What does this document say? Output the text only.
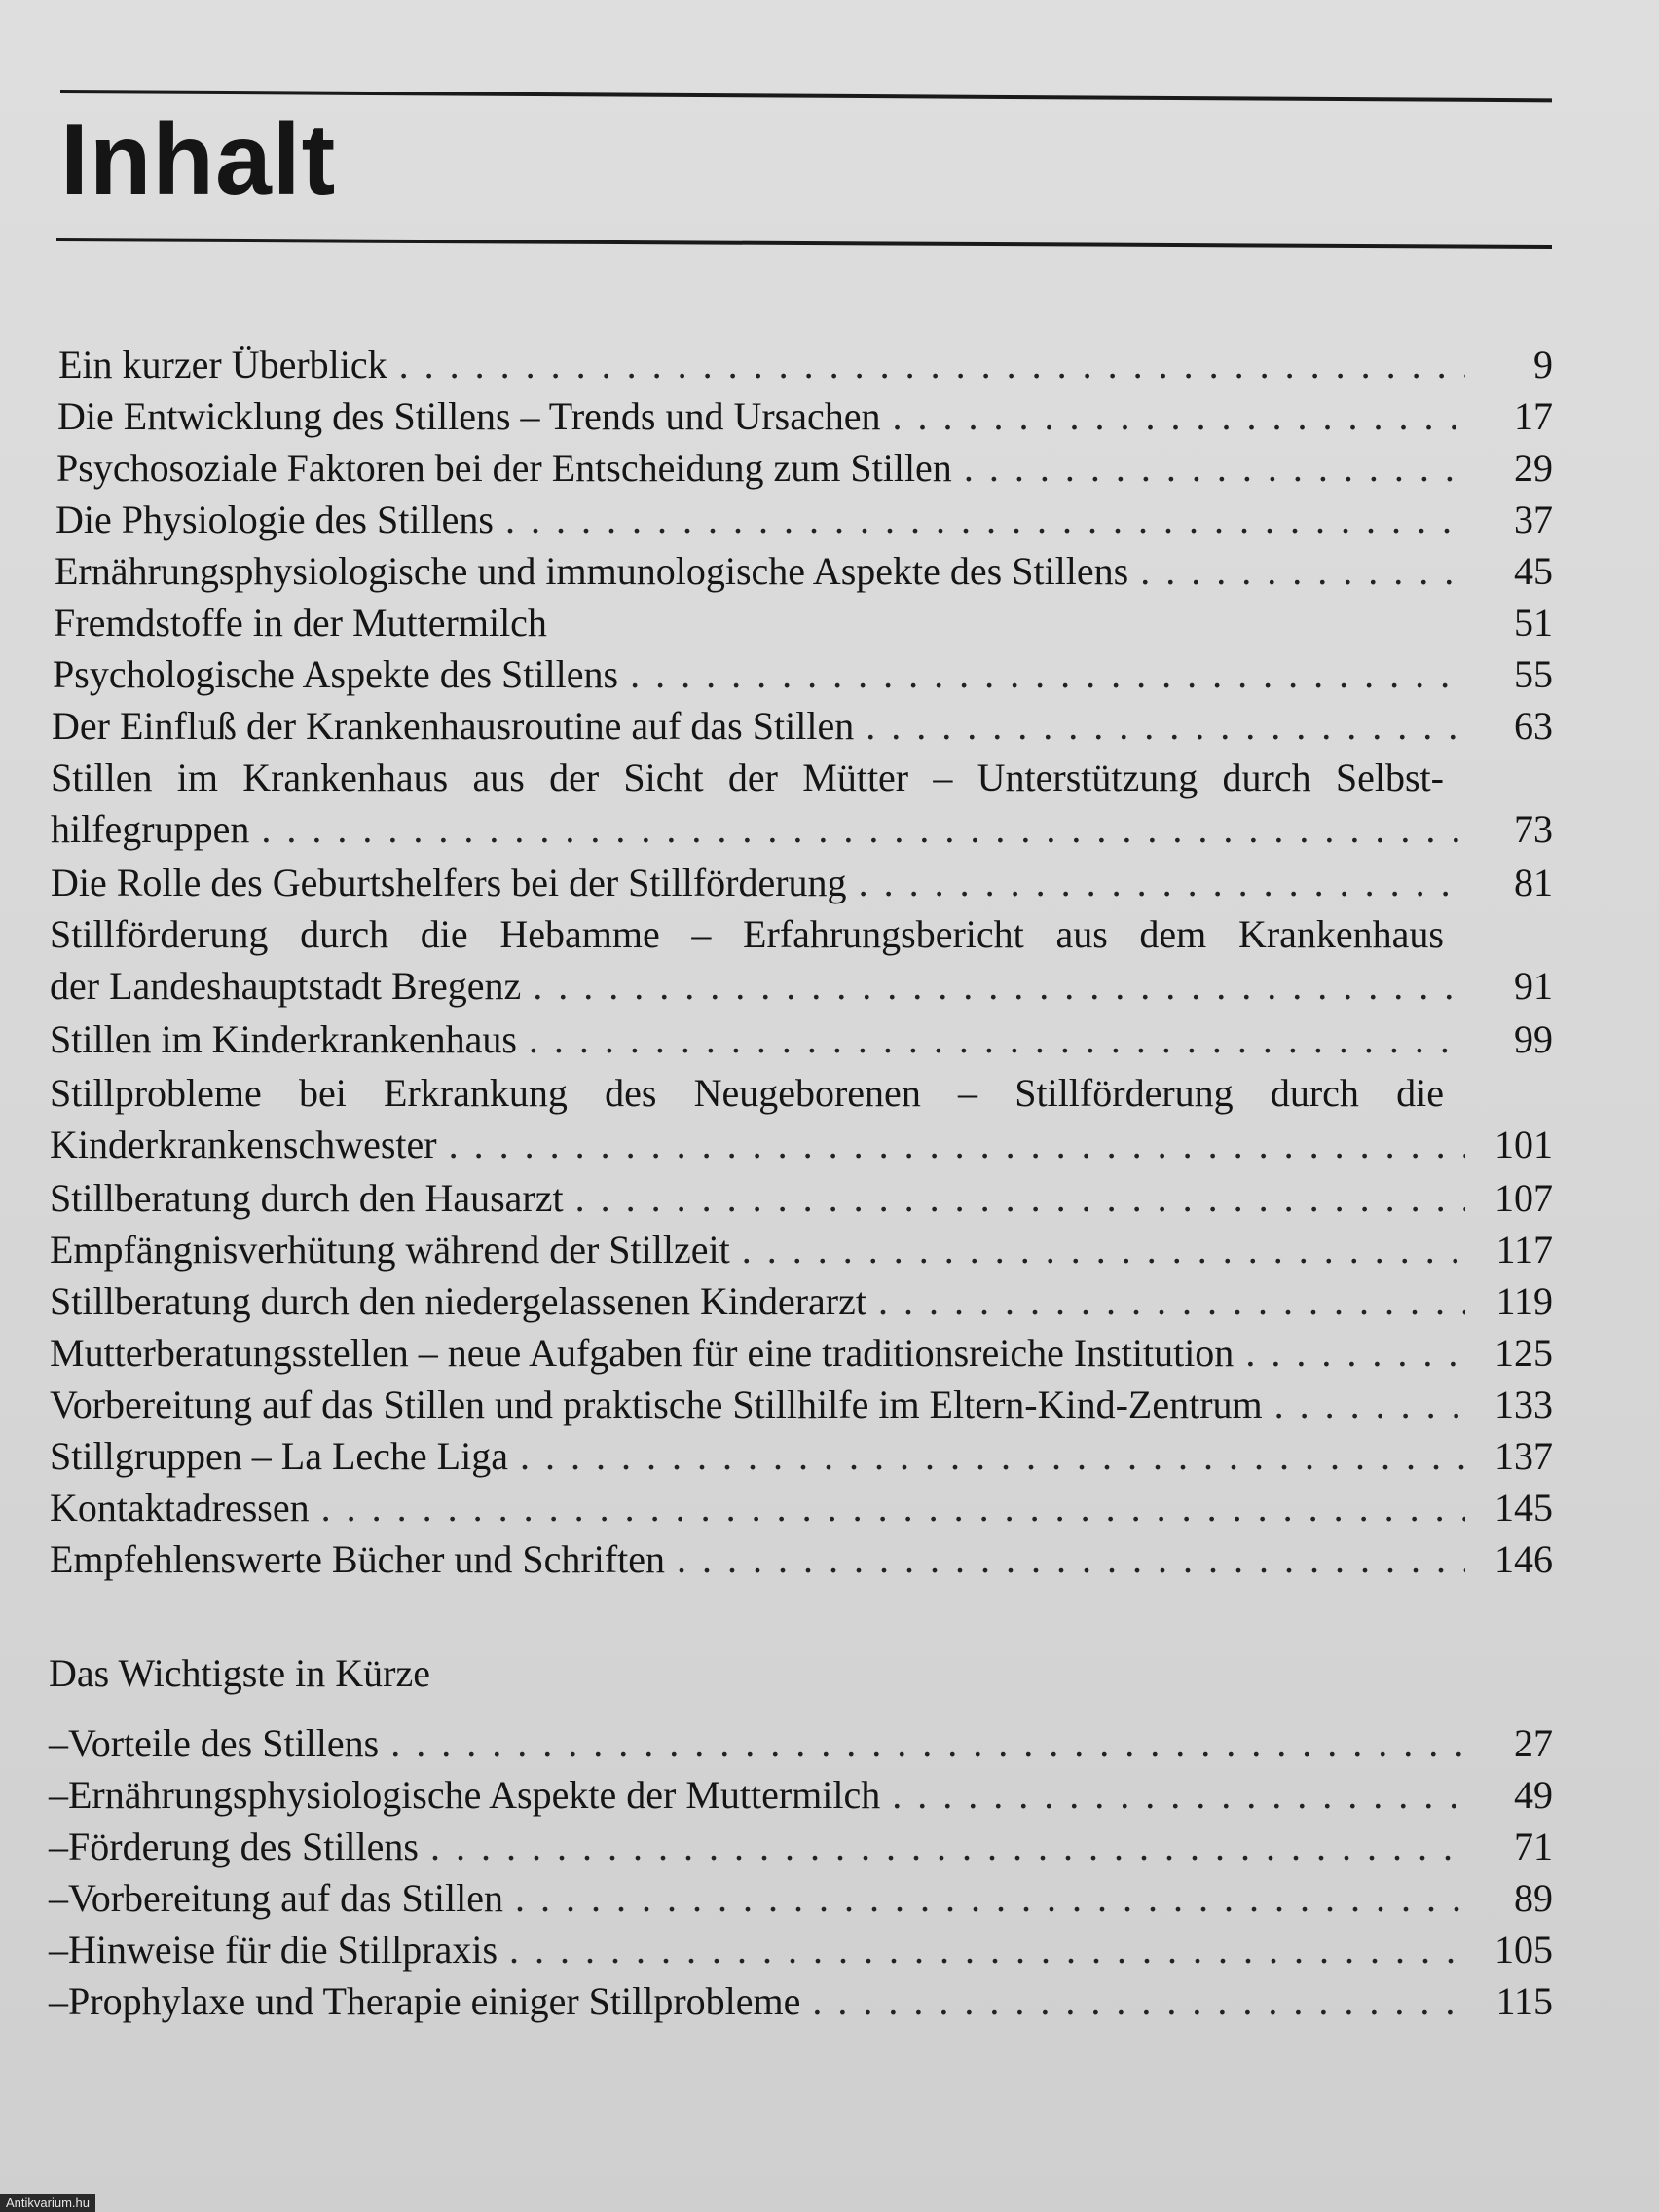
Inhalt
Ein kurzer Überblick . . .	9
Die Entwicklung des Stillens – Trends und Ursachen . . .	17
Psychosoziale Faktoren bei der Entscheidung zum Stillen . . .	29
Die Physiologie des Stillens . . .	37
Ernährungsphysiologische und immunologische Aspekte des Stillens . . .	45
Fremdstoffe in der Muttermilch	51
Psychologische Aspekte des Stillens . . .	55
Der Einfluß der Krankenhausroutine auf das Stillen . . .	63
Stillen im Krankenhaus aus der Sicht der Mütter – Unterstützung durch Selbst-
hilfegruppen . . .	73
Die Rolle des Geburtshelfers bei der Stillförderung . . .	81
Stillförderung durch die Hebamme – Erfahrungsbericht aus dem Krankenhaus
der Landeshauptstadt Bregenz . . .	91
Stillen im Kinderkrankenhaus . . .	99
Stillprobleme bei Erkrankung des Neugeborenen – Stillförderung durch die
Kinderkrankenschwester . . .	101
Stillberatung durch den Hausarzt . . .	107
Empfängnisverhütung während der Stillzeit . . .	117
Stillberatung durch den niedergelassenen Kinderarzt . . .	119
Mutterberatungsstellen – neue Aufgaben für eine traditionsreiche Institution . . .	125
Vorbereitung auf das Stillen und praktische Stillhilfe im Eltern-Kind-Zentrum . . .	133
Stillgruppen – La Leche Liga . . .	137
Kontaktadressen . . .	145
Empfehlenswerte Bücher und Schriften . . .	146
Das Wichtigste in Kürze
– Vorteile des Stillens . . .	27
– Ernährungsphysiologische Aspekte der Muttermilch . . .	49
– Förderung des Stillens . . .	71
– Vorbereitung auf das Stillen . . .	89
– Hinweise für die Stillpraxis . . .	105
– Prophylaxe und Therapie einiger Stillprobleme . . .	115
Antikvarium.hu
